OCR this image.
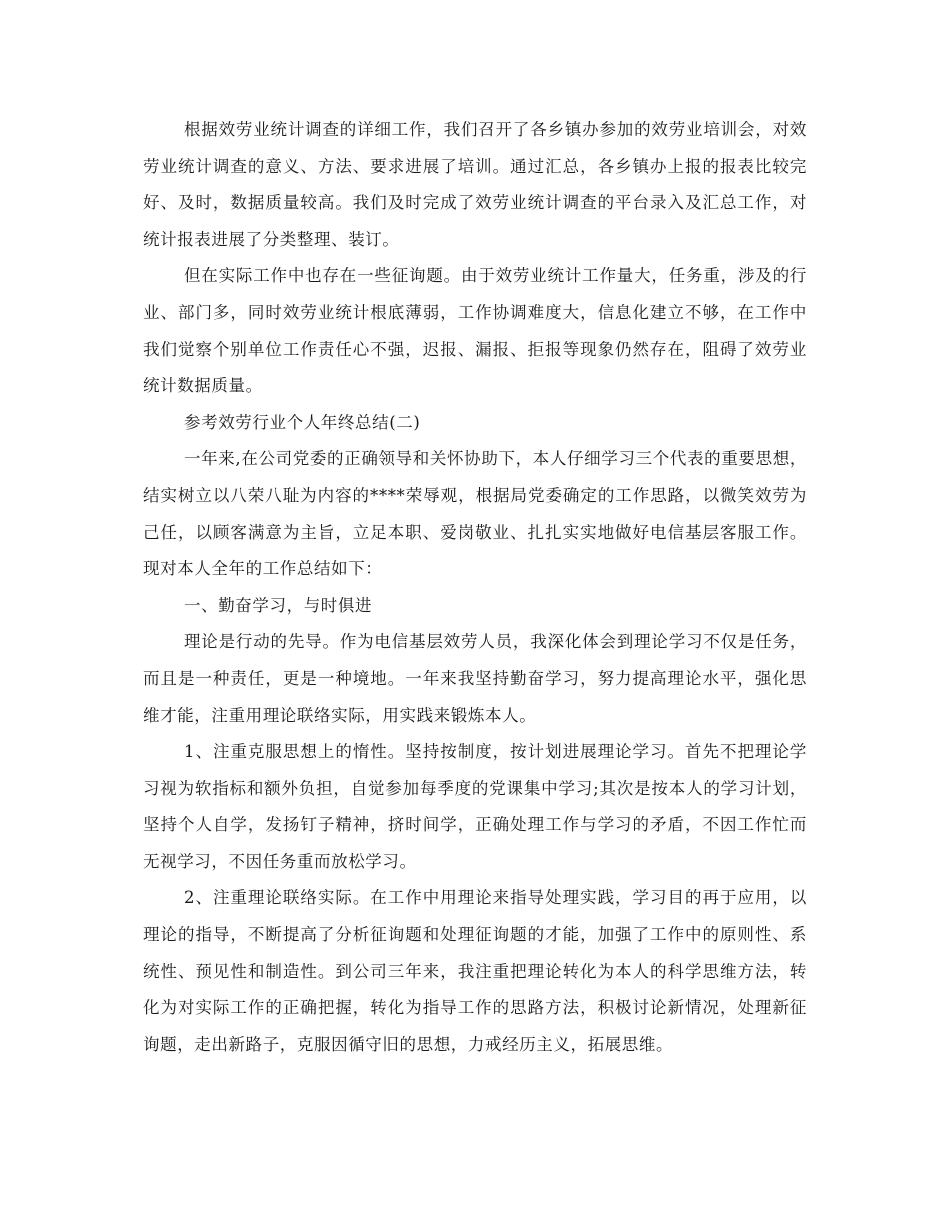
根据效劳业统计调查的详细工作，我们召开了各乡镇办参加的效劳业培训会，对效劳业统计调查的意义、方法、要求进展了培训。通过汇总，各乡镇办上报的报表比较完好、及时，数据质量较高。我们及时完成了效劳业统计调查的平台录入及汇总工作，对统计报表进展了分类整理、装订。

但在实际工作中也存在一些征询题。由于效劳业统计工作量大，任务重，涉及的行业、部门多，同时效劳业统计根底薄弱，工作协调难度大，信息化建立不够，在工作中我们觉察个别单位工作责任心不强，迟报、漏报、拒报等现象仍然存在，阻碍了效劳业统计数据质量。

参考效劳行业个人年终总结(二)

一年来,在公司党委的正确领导和关怀协助下，本人仔细学习三个代表的重要思想，结实树立以八荣八耻为内容的****荣辱观，根据局党委确定的工作思路，以微笑效劳为己任，以顾客满意为主旨，立足本职、爱岗敬业、扎扎实实地做好电信基层客服工作。现对本人全年的工作总结如下：

一、勤奋学习，与时俱进

理论是行动的先导。作为电信基层效劳人员，我深化体会到理论学习不仅是任务，而且是一种责任，更是一种境地。一年来我坚持勤奋学习，努力提高理论水平，强化思维才能，注重用理论联络实际，用实践来锻炼本人。

1、注重克服思想上的惰性。坚持按制度，按计划进展理论学习。首先不把理论学习视为软指标和额外负担，自觉参加每季度的党课集中学习;其次是按本人的学习计划，坚持个人自学，发扬钉子精神，挤时间学，正确处理工作与学习的矛盾，不因工作忙而无视学习，不因任务重而放松学习。

2、注重理论联络实际。在工作中用理论来指导处理实践，学习目的再于应用，以理论的指导，不断提高了分析征询题和处理征询题的才能，加强了工作中的原则性、系统性、预见性和制造性。到公司三年来，我注重把理论转化为本人的科学思维方法，转化为对实际工作的正确把握，转化为指导工作的思路方法，积极讨论新情况，处理新征询题，走出新路子，克服因循守旧的思想，力戒经历主义，拓展思维。
